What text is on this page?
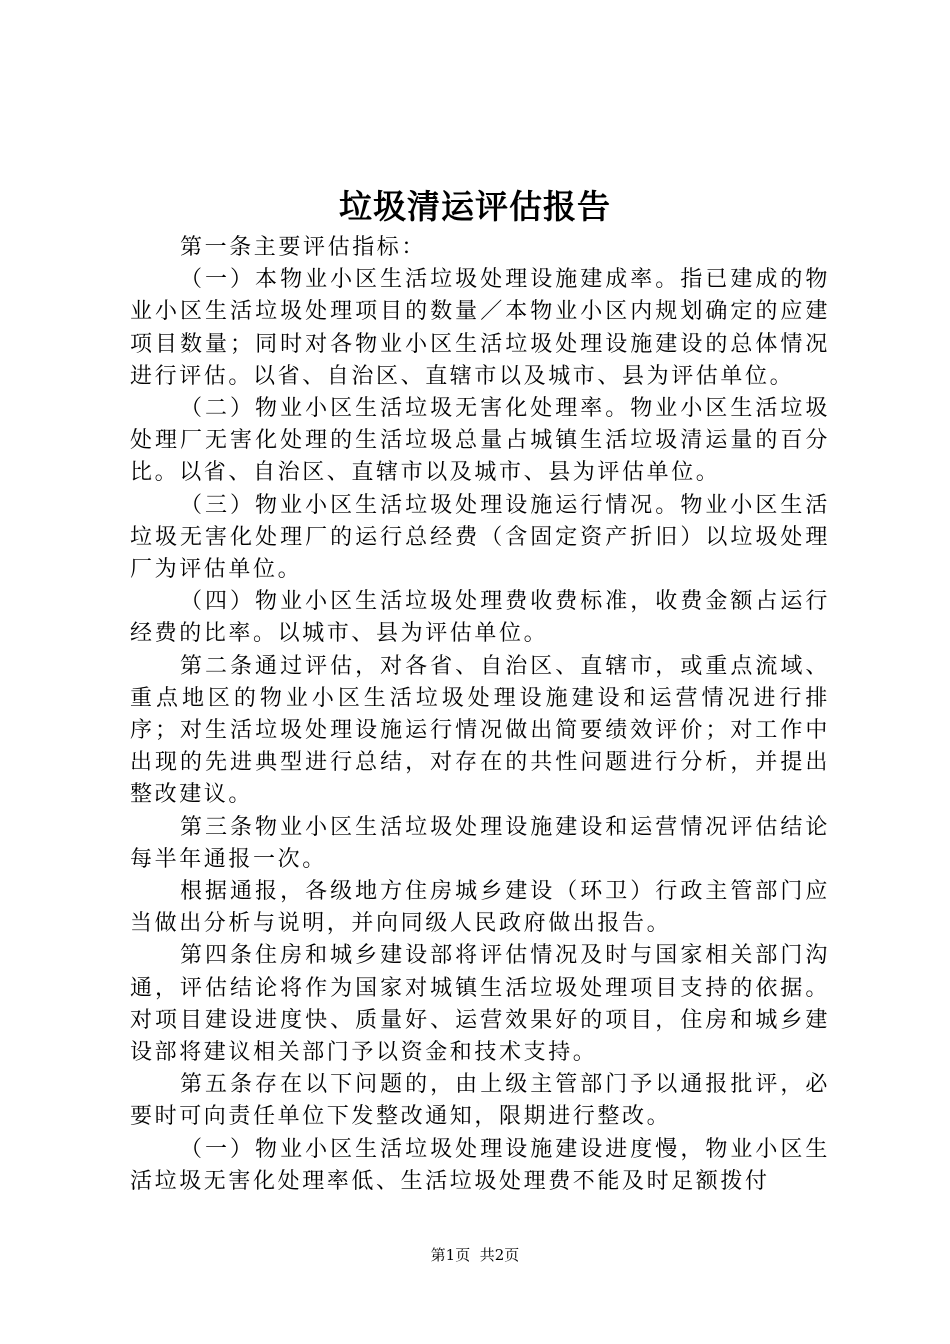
垃圾清运评估报告

第一条主要评估指标：

（一）本物业小区生活垃圾处理设施建成率。指已建成的物业小区生活垃圾处理项目的数量／本物业小区内规划确定的应建项目数量；同时对各物业小区生活垃圾处理设施建设的总体情况进行评估。以省、自治区、直辖市以及城市、县为评估单位。

（二）物业小区生活垃圾无害化处理率。物业小区生活垃圾处理厂无害化处理的生活垃圾总量占城镇生活垃圾清运量的百分比。以省、自治区、直辖市以及城市、县为评估单位。

（三）物业小区生活垃圾处理设施运行情况。物业小区生活垃圾无害化处理厂的运行总经费（含固定资产折旧）以垃圾处理厂为评估单位。

（四）物业小区生活垃圾处理费收费标准，收费金额占运行经费的比率。以城市、县为评估单位。

第二条通过评估，对各省、自治区、直辖市，或重点流域、重点地区的物业小区生活垃圾处理设施建设和运营情况进行排序；对生活垃圾处理设施运行情况做出简要绩效评价；对工作中出现的先进典型进行总结，对存在的共性问题进行分析，并提出整改建议。

第三条物业小区生活垃圾处理设施建设和运营情况评估结论每半年通报一次。

根据通报，各级地方住房城乡建设（环卫）行政主管部门应当做出分析与说明，并向同级人民政府做出报告。

第四条住房和城乡建设部将评估情况及时与国家相关部门沟通，评估结论将作为国家对城镇生活垃圾处理项目支持的依据。对项目建设进度快、质量好、运营效果好的项目，住房和城乡建设部将建议相关部门予以资金和技术支持。

第五条存在以下问题的，由上级主管部门予以通报批评，必要时可向责任单位下发整改通知，限期进行整改。

（一）物业小区生活垃圾处理设施建设进度慢，物业小区生活垃圾无害化处理率低、生活垃圾处理费不能及时足额拨付

第1页 共2页
